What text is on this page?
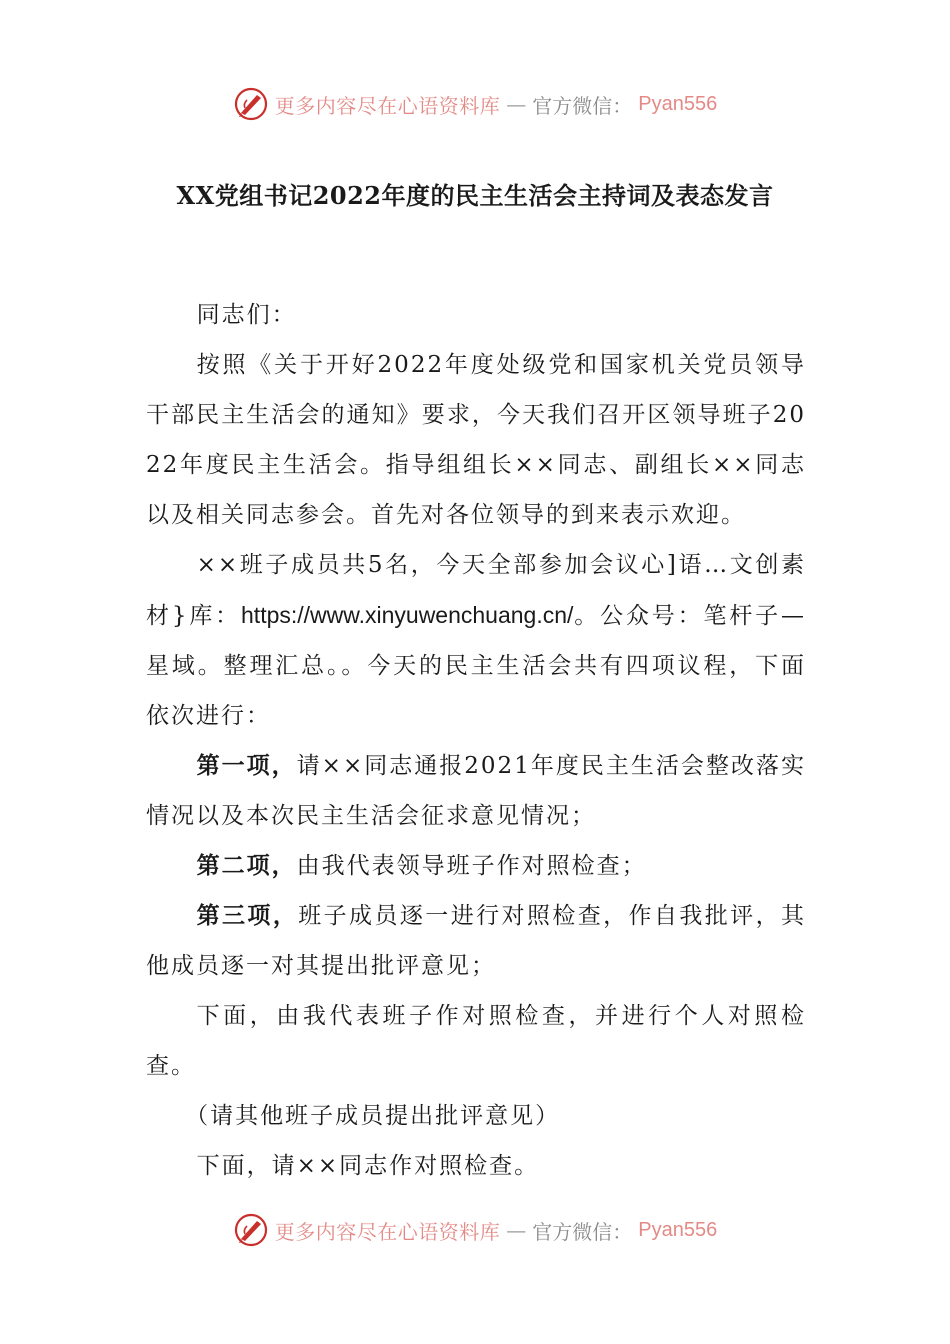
更多内容尽在心语资料库 — 官方微信： Pyan556
XX党组书记2022年度的民主生活会主持词及表态发言

同志们：

按照《关于开好2022年度处级党和国家机关党员领导干部民主生活会的通知》要求，今天我们召开区领导班子2022年度民主生活会。指导组组长××同志、副组长××同志以及相关同志参会。首先对各位领导的到来表示欢迎。

××班子成员共5名，今天全部参加会议心]语…文创素材}库：https://www.xinyuwenchuang.cn/。公众号：笔杆子—星域。整理汇总。。今天的民主生活会共有四项议程，下面依次进行：

第一项，请××同志通报2021年度民主生活会整改落实情况以及本次民主生活会征求意见情况；

第二项，由我代表领导班子作对照检查；

第三项，班子成员逐一进行对照检查，作自我批评，其他成员逐一对其提出批评意见；

下面，由我代表班子作对照检查，并进行个人对照检查。

（请其他班子成员提出批评意见）

下面，请××同志作对照检查。

更多内容尽在心语资料库 — 官方微信： Pyan556
